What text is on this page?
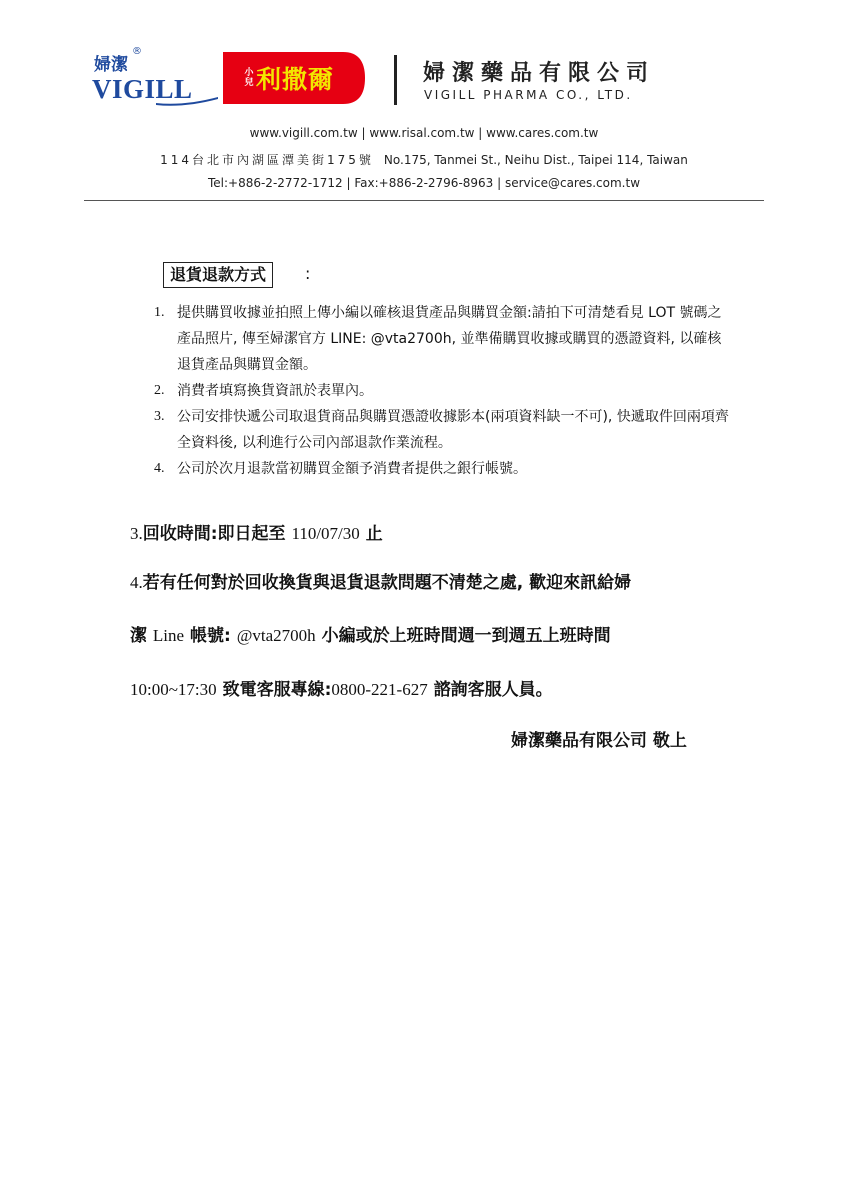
婦潔
®
VIGILL
小兒 利撒爾	婦潔藥品有限公司
VIGILL PHARMA CO., LTD.
www.vigill.com.tw | www.risal.com.tw | www.cares.com.tw
114台北市內湖區潭美街175號 No.175, Tanmei St., Neihu Dist., Taipei 114, Taiwan
Tel:+886-2-2772-1712 | Fax:+886-2-2796-8963 | service@cares.com.tw
退貨退款方式	:
1. 提供購買收據並拍照上傳小編以確核退貨產品與購買金額:請拍下可清楚看見 LOT 號碼之產品照片, 傳至婦潔官方 LINE: @vta2700h, 並準備購買收據或購買的憑證資料, 以確核退貨產品與購買金額。
2. 消費者填寫換貨資訊於表單內。
3. 公司安排快遞公司取退貨商品與購買憑證收據影本(兩項資料缺一不可), 快遞取件回兩項齊全資料後, 以利進行公司內部退款作業流程。
4. 公司於次月退款當初購買金額予消費者提供之銀行帳號。
3.回收時間:即日起至 110/07/30 止
4.若有任何對於回收換貨與退貨退款問題不清楚之處, 歡迎來訊給婦
潔 Line 帳號: @vta2700h 小編或於上班時間週一到週五上班時間
10:00~17:30 致電客服專線:0800-221-627 諮詢客服人員。
婦潔藥品有限公司 敬上
